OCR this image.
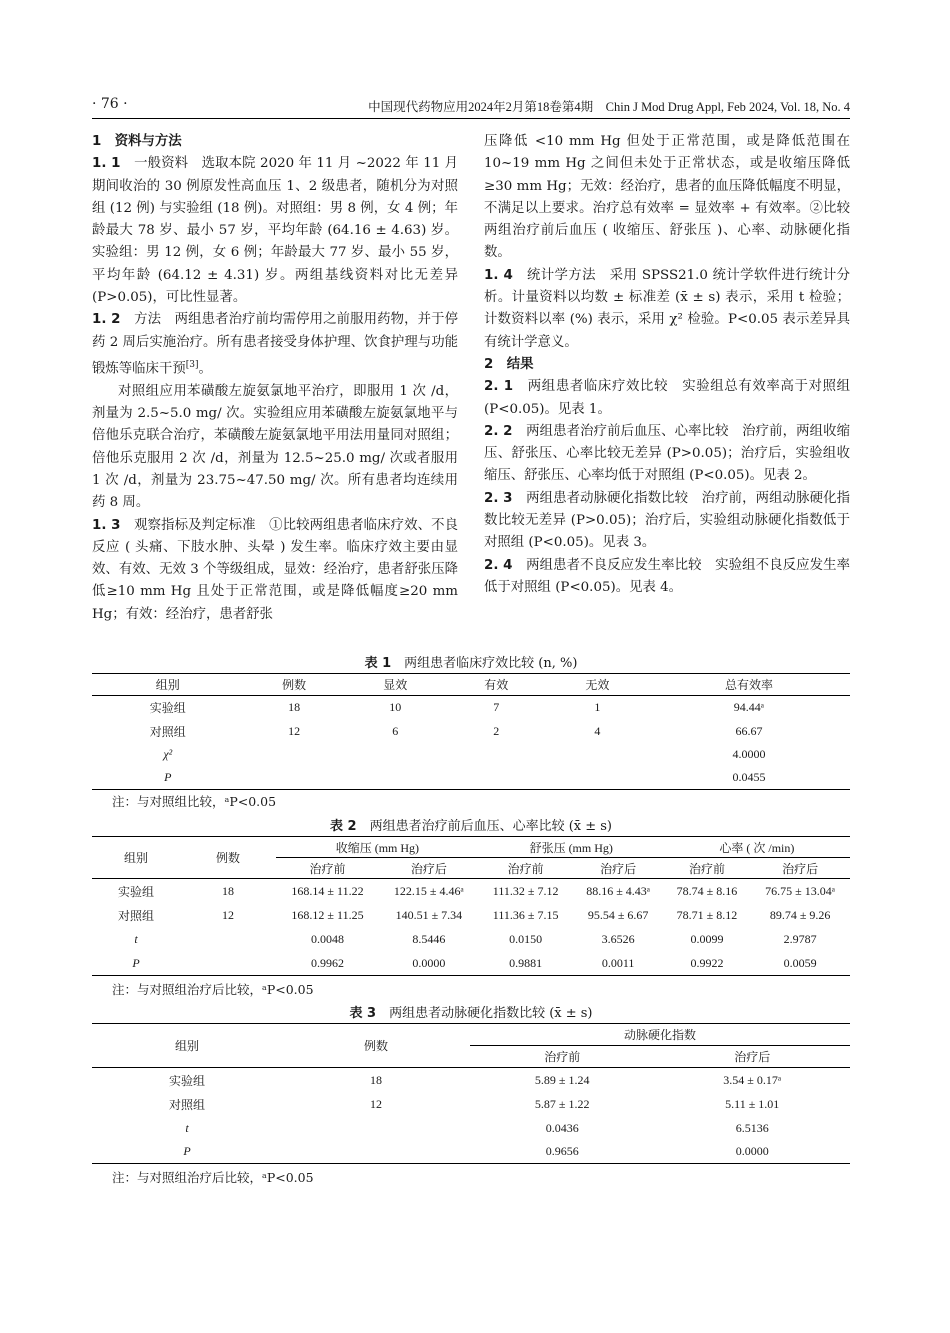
· 76 ·	中国现代药物应用2024年2月第18卷第4期　Chin J Mod Drug Appl, Feb 2024, Vol. 18, No. 4

1　资料与方法

1. 1　一般资料　选取本院 2020 年 11 月 ~2022 年 11 月期间收治的 30 例原发性高血压 1、2 级患者，随机分为对照组 (12 例) 与实验组 (18 例)。对照组：男 8 例，女 4 例；年龄最大 78 岁、最小 57 岁，平均年龄 (64.16 ± 4.63) 岁。实验组：男 12 例，女 6 例；年龄最大 77 岁、最小 55 岁，平均年龄 (64.12 ± 4.31) 岁。两组基线资料对比无差异 (P>0.05)，可比性显著。

1. 2　方法　两组患者治疗前均需停用之前服用药物，并于停药 2 周后实施治疗。所有患者接受身体护理、饮食护理与功能锻炼等临床干预[3]。

对照组应用苯磺酸左旋氨氯地平治疗，即服用 1 次 /d，剂量为 2.5~5.0 mg/ 次。实验组应用苯磺酸左旋氨氯地平与倍他乐克联合治疗，苯磺酸左旋氨氯地平用法用量同对照组；倍他乐克服用 2 次 /d，剂量为 12.5~25.0 mg/ 次或者服用 1 次 /d，剂量为 23.75~47.50 mg/ 次。所有患者均连续用药 8 周。

1. 3　观察指标及判定标准　①比较两组患者临床疗效、不良反应 ( 头痛、下肢水肿、头晕 ) 发生率。临床疗效主要由显效、有效、无效 3 个等级组成，显效：经治疗，患者舒张压降低≥10 mm Hg 且处于正常范围，或是降低幅度≥20 mm Hg；有效：经治疗，患者舒张

压降低 <10 mm Hg 但处于正常范围，或是降低范围在 10~19 mm Hg 之间但未处于正常状态，或是收缩压降低≥30 mm Hg；无效：经治疗，患者的血压降低幅度不明显，不满足以上要求。治疗总有效率 = 显效率 + 有效率。②比较两组治疗前后血压 ( 收缩压、舒张压 )、心率、动脉硬化指数。

1. 4　统计学方法　采用 SPSS21.0 统计学软件进行统计分析。计量资料以均数 ± 标准差 (x̄ ± s) 表示，采用 t 检验；计数资料以率 (%) 表示，采用 χ² 检验。P<0.05 表示差异具有统计学意义。

2　结果

2. 1　两组患者临床疗效比较　实验组总有效率高于对照组 (P<0.05)。见表 1。

2. 2　两组患者治疗前后血压、心率比较　治疗前，两组收缩压、舒张压、心率比较无差异 (P>0.05)；治疗后，实验组收缩压、舒张压、心率均低于对照组 (P<0.05)。见表 2。

2. 3　两组患者动脉硬化指数比较　治疗前，两组动脉硬化指数比较无差异 (P>0.05)；治疗后，实验组动脉硬化指数低于对照组 (P<0.05)。见表 3。

2. 4　两组患者不良反应发生率比较　实验组不良反应发生率低于对照组 (P<0.05)。见表 4。

表 1　两组患者临床疗效比较 (n, %)
组别	例数	显效	有效	无效	总有效率
实验组	18	10	7	1	94.44ᵃ
对照组	12	6	2	4	66.67
χ²					4.0000
P					0.0455
注：与对照组比较，ᵃP<0.05
表 2　两组患者治疗前后血压、心率比较 (x̄ ± s)
组别	例数	收缩压 (mm Hg)		舒张压 (mm Hg)		心率 ( 次 /min)	
		治疗前	治疗后	治疗前	治疗后	治疗前	治疗后
实验组	18	168.14 ± 11.22	122.15 ± 4.46ᵃ	111.32 ± 7.12	88.16 ± 4.43ᵃ	78.74 ± 8.16	76.75 ± 13.04ᵃ
对照组	12	168.12 ± 11.25	140.51 ± 7.34	111.36 ± 7.15	95.54 ± 6.67	78.71 ± 8.12	89.74 ± 9.26
t		0.0048	8.5446	0.0150	3.6526	0.0099	2.9787
P		0.9962	0.0000	0.9881	0.0011	0.9922	0.0059
注：与对照组治疗后比较，ᵃP<0.05
表 3　两组患者动脉硬化指数比较 (x̄ ± s)
组别	例数	动脉硬化指数	
		治疗前	治疗后
实验组	18	5.89 ± 1.24	3.54 ± 0.17ᵃ
对照组	12	5.87 ± 1.22	5.11 ± 1.01
t		0.0436	6.5136
P		0.9656	0.0000
注：与对照组治疗后比较，ᵃP<0.05
